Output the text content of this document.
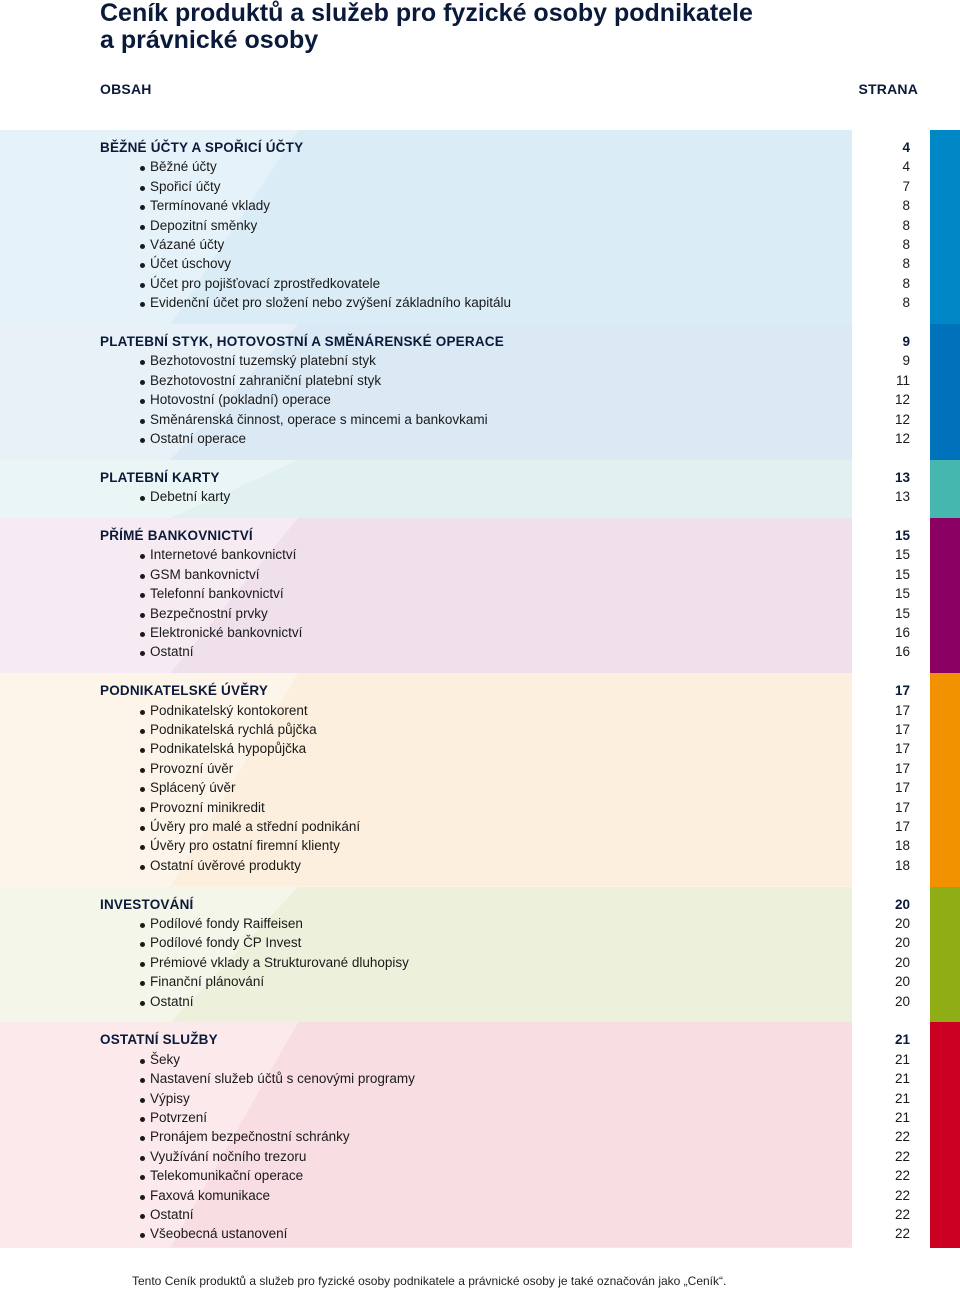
Ceník produktů a služeb pro fyzické osoby podnikatele
a právnické osoby
OBSAH	STRANA
BĚŽNÉ ÚČTY A SPOŘICÍ ÚČTY	4
Běžné účty	4
Spořicí účty	7
Termínované vklady	8
Depozitní směnky	8
Vázané účty	8
Účet úschovy	8
Účet pro pojišťovací zprostředkovatele	8
Evidenční účet pro složení nebo zvýšení základního kapitálu	8
PLATEBNÍ STYK, HOTOVOSTNÍ A SMĚNÁRENSKÉ OPERACE	9
Bezhotovostní tuzemský platební styk	9
Bezhotovostní zahraniční platební styk	11
Hotovostní (pokladní) operace	12
Směnárenská činnost, operace s mincemi a bankovkami	12
Ostatní operace	12
PLATEBNÍ KARTY	13
Debetní karty	13
PŘÍMÉ BANKOVNICTVÍ	15
Internetové bankovnictví	15
GSM bankovnictví	15
Telefonní bankovnictví	15
Bezpečnostní prvky	15
Elektronické bankovnictví	16
Ostatní	16
PODNIKATELSKÉ ÚVĚRY	17
Podnikatelský kontokorent	17
Podnikatelská rychlá půjčka	17
Podnikatelská hypopůjčka	17
Provozní úvěr	17
Splácený úvěr	17
Provozní minikredit	17
Úvěry pro malé a střední podnikání	17
Úvěry pro ostatní firemní klienty	18
Ostatní úvěrové produkty	18
INVESTOVÁNÍ	20
Podílové fondy Raiffeisen	20
Podílové fondy ČP Invest	20
Prémiové vklady a Strukturované dluhopisy	20
Finanční plánování	20
Ostatní	20
OSTATNÍ SLUŽBY	21
Šeky	21
Nastavení služeb účtů s cenovými programy	21
Výpisy	21
Potvrzení	21
Pronájem bezpečnostní schránky	22
Využívání nočního trezoru	22
Telekomunikační operace	22
Faxová komunikace	22
Ostatní	22
Všeobecná ustanovení	22
Tento Ceník produktů a služeb pro fyzické osoby podnikatele a právnické osoby je také označován jako „Ceník“.
